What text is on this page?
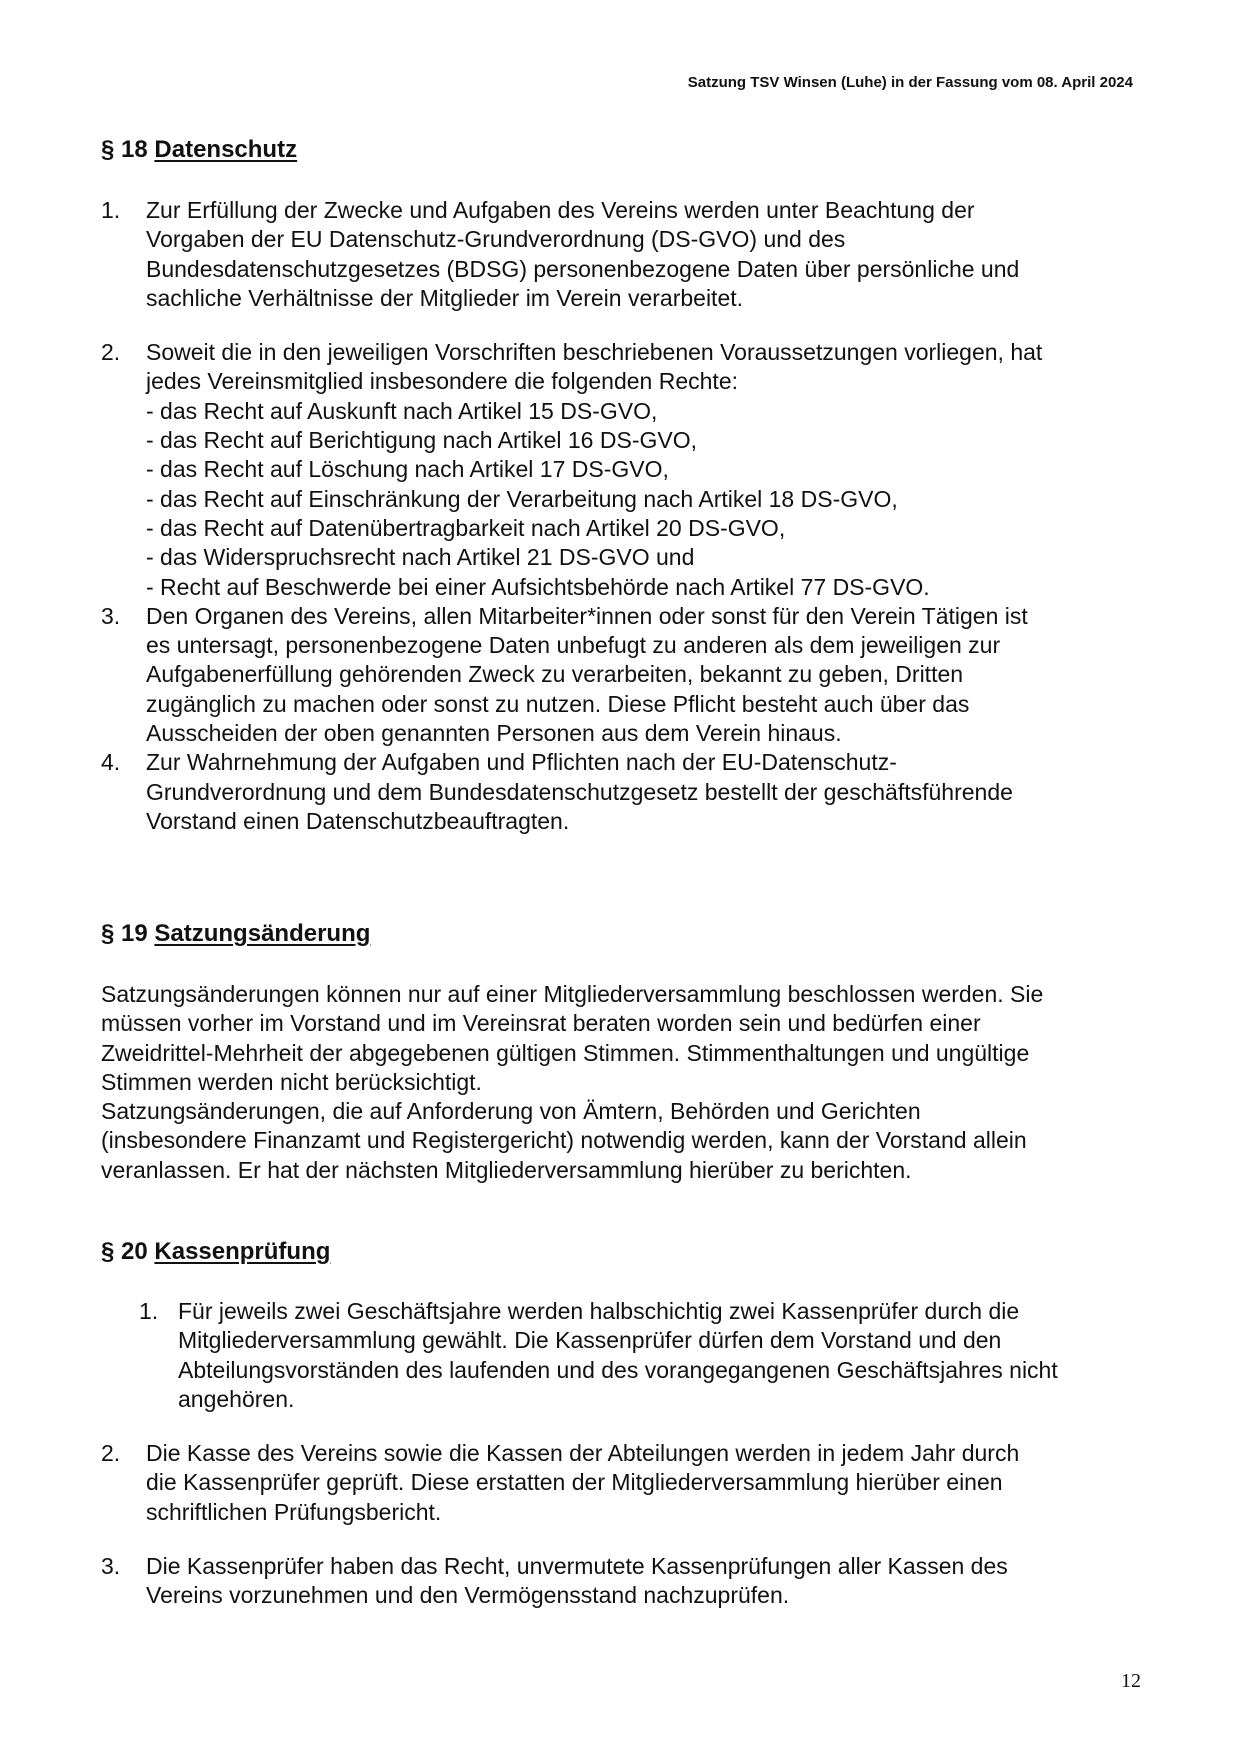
Satzung TSV Winsen (Luhe) in der Fassung vom 08. April 2024
§ 18 Datenschutz
1. Zur Erfüllung der Zwecke und Aufgaben des Vereins werden unter Beachtung der
Vorgaben der EU Datenschutz-Grundverordnung (DS-GVO) und des
Bundesdatenschutzgesetzes (BDSG) personenbezogene Daten über persönliche und
sachliche Verhältnisse der Mitglieder im Verein verarbeitet.
2. Soweit die in den jeweiligen Vorschriften beschriebenen Voraussetzungen vorliegen, hat
jedes Vereinsmitglied insbesondere die folgenden Rechte:
- das Recht auf Auskunft nach Artikel 15 DS-GVO,
- das Recht auf Berichtigung nach Artikel 16 DS-GVO,
- das Recht auf Löschung nach Artikel 17 DS-GVO,
- das Recht auf Einschränkung der Verarbeitung nach Artikel 18 DS-GVO,
- das Recht auf Datenübertragbarkeit nach Artikel 20 DS-GVO,
- das Widerspruchsrecht nach Artikel 21 DS-GVO und
- Recht auf Beschwerde bei einer Aufsichtsbehörde nach Artikel 77 DS-GVO.
3. Den Organen des Vereins, allen Mitarbeiter*innen oder sonst für den Verein Tätigen ist
es untersagt, personenbezogene Daten unbefugt zu anderen als dem jeweiligen zur
Aufgabenerfüllung gehörenden Zweck zu verarbeiten, bekannt zu geben, Dritten
zugänglich zu machen oder sonst zu nutzen. Diese Pflicht besteht auch über das
Ausscheiden der oben genannten Personen aus dem Verein hinaus.
4. Zur Wahrnehmung der Aufgaben und Pflichten nach der EU-Datenschutz-
Grundverordnung und dem Bundesdatenschutzgesetz bestellt der geschäftsführende
Vorstand einen Datenschutzbeauftragten.
§ 19 Satzungsänderung
Satzungsänderungen können nur auf einer Mitgliederversammlung beschlossen werden. Sie
müssen vorher im Vorstand und im Vereinsrat beraten worden sein und bedürfen einer
Zweidrittel-Mehrheit der abgegebenen gültigen Stimmen. Stimmenthaltungen und ungültige
Stimmen werden nicht berücksichtigt.
Satzungsänderungen, die auf Anforderung von Ämtern, Behörden und Gerichten
(insbesondere Finanzamt und Registergericht) notwendig werden, kann der Vorstand allein
veranlassen. Er hat der nächsten Mitgliederversammlung hierüber zu berichten.
§ 20 Kassenprüfung
1. Für jeweils zwei Geschäftsjahre werden halbschichtig zwei Kassenprüfer durch die
Mitgliederversammlung gewählt. Die Kassenprüfer dürfen dem Vorstand und den
Abteilungsvorständen des laufenden und des vorangegangenen Geschäftsjahres nicht
angehören.
2. Die Kasse des Vereins sowie die Kassen der Abteilungen werden in jedem Jahr durch
die Kassenprüfer geprüft. Diese erstatten der Mitgliederversammlung hierüber einen
schriftlichen Prüfungsbericht.
3. Die Kassenprüfer haben das Recht, unvermutete Kassenprüfungen aller Kassen des
Vereins vorzunehmen und den Vermögensstand nachzuprüfen.
12
